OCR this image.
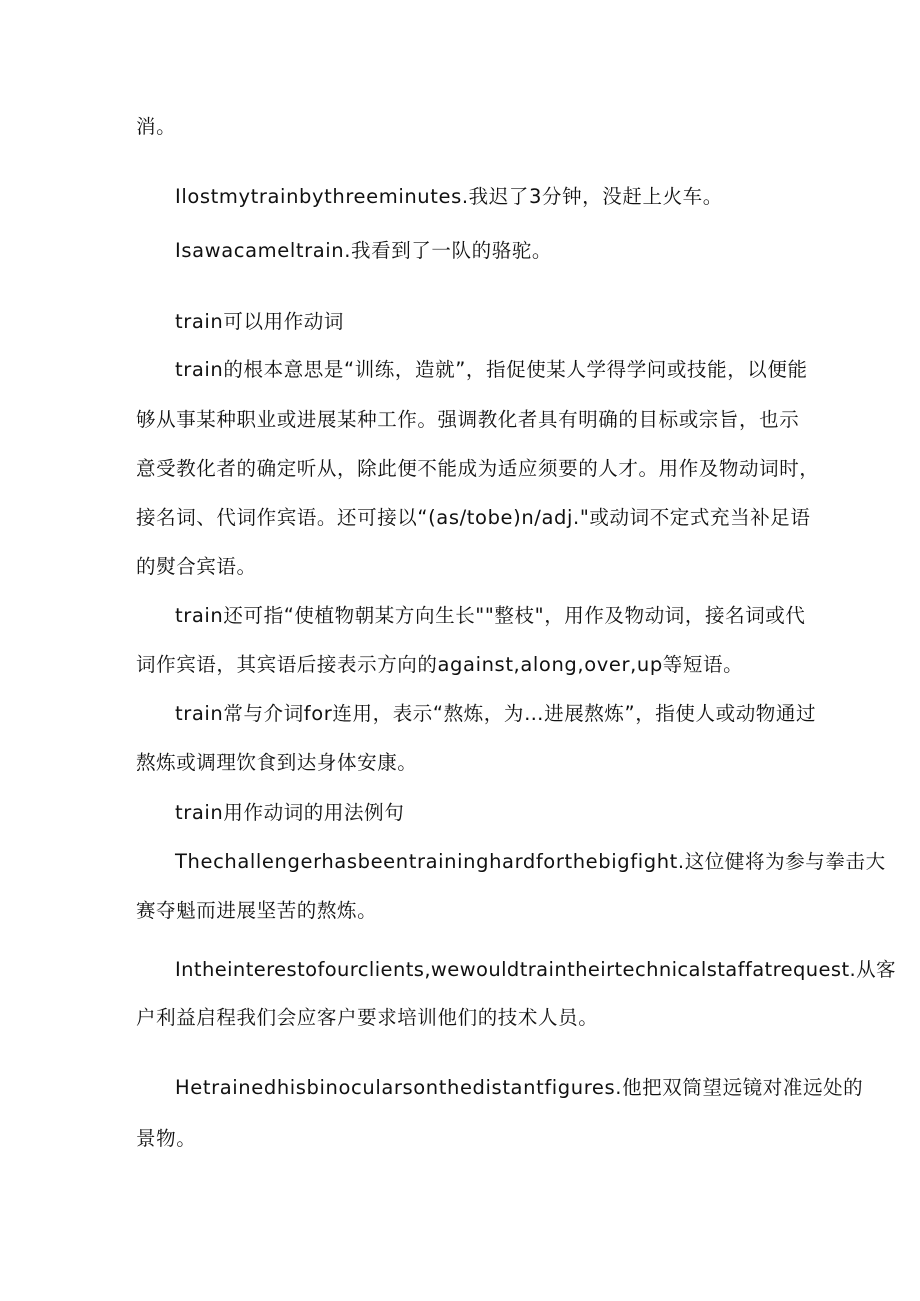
消。

Ilostmytrainbythreeminutes.我迟了3分钟，没赶上火车。

Isawacameltrain.我看到了一队的骆驼。

train可以用作动词

train的根本意思是“训练，造就”，指促使某人学得学问或技能，以便能

够从事某种职业或进展某种工作。强调教化者具有明确的目标或宗旨，也示

意受教化者的确定听从，除此便不能成为适应须要的人才。用作及物动词时，

接名词、代词作宾语。还可接以“(as/tobe)n∕adj."或动词不定式充当补足语

的熨合宾语。

train还可指“使植物朝某方向生长""整枝"，用作及物动词，接名词或代

词作宾语，其宾语后接表示方向的against,along,over,up等短语。

train常与介词for连用，表示“熬炼，为…进展熬炼”，指使人或动物通过

熬炼或调理饮食到达身体安康。

train用作动词的用法例句

Thechallengerhasbeentraininghardforthebigfight.这位健将为参与拳击大

赛夺魁而进展坚苦的熬炼。

Intheinterestofourclients,wewouldtraintheirtechnicalstaffatrequest.从客

户利益启程我们会应客户要求培训他们的技术人员。

Hetrainedhisbinocularsonthedistantfigures.他把双筒望远镜对准远处的

景物。
